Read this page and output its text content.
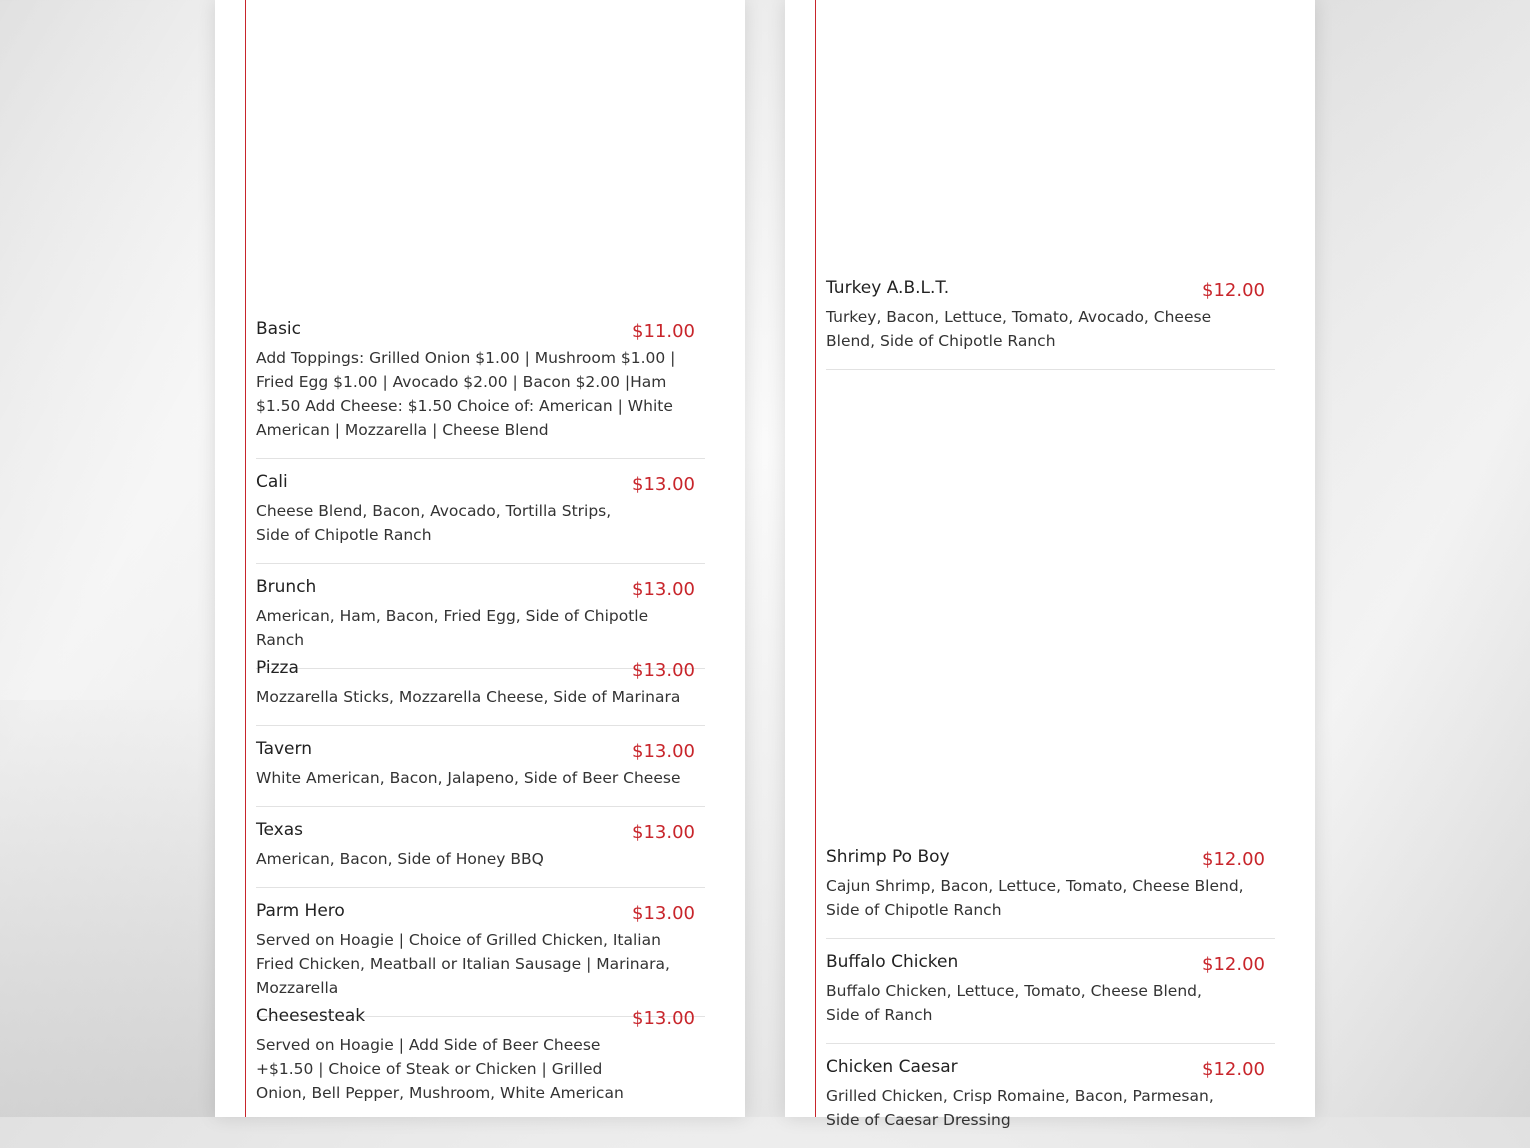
Basic	$11.00
Add Toppings: Grilled Onion $1.00 | Mushroom $1.00 | Fried Egg $1.00 | Avocado $2.00 | Bacon $2.00 |Ham $1.50 Add Cheese: $1.50 Choice of: American | White American | Mozzarella | Cheese Blend
Cali	$13.00
Cheese Blend, Bacon, Avocado, Tortilla Strips, Side of Chipotle Ranch
Brunch	$13.00
American, Ham, Bacon, Fried Egg, Side of Chipotle Ranch
Pizza	$13.00
Mozzarella Sticks, Mozzarella Cheese, Side of Marinara
Tavern	$13.00
White American, Bacon, Jalapeno, Side of Beer Cheese
Texas	$13.00
American, Bacon, Side of Honey BBQ
Parm Hero	$13.00
Served on Hoagie | Choice of Grilled Chicken, Italian Fried Chicken, Meatball or Italian Sausage | Marinara, Mozzarella
Cheesesteak	$13.00
Served on Hoagie | Add Side of Beer Cheese +$1.50 | Choice of Steak or Chicken | Grilled Onion, Bell Pepper, Mushroom, White American
Turkey A.B.L.T.	$12.00
Turkey, Bacon, Lettuce, Tomato, Avocado, Cheese Blend, Side of Chipotle Ranch
Shrimp Po Boy	$12.00
Cajun Shrimp, Bacon, Lettuce, Tomato, Cheese Blend, Side of Chipotle Ranch
Buffalo Chicken	$12.00
Buffalo Chicken, Lettuce, Tomato, Cheese Blend, Side of Ranch
Chicken Caesar	$12.00
Grilled Chicken, Crisp Romaine, Bacon, Parmesan, Side of Caesar Dressing
